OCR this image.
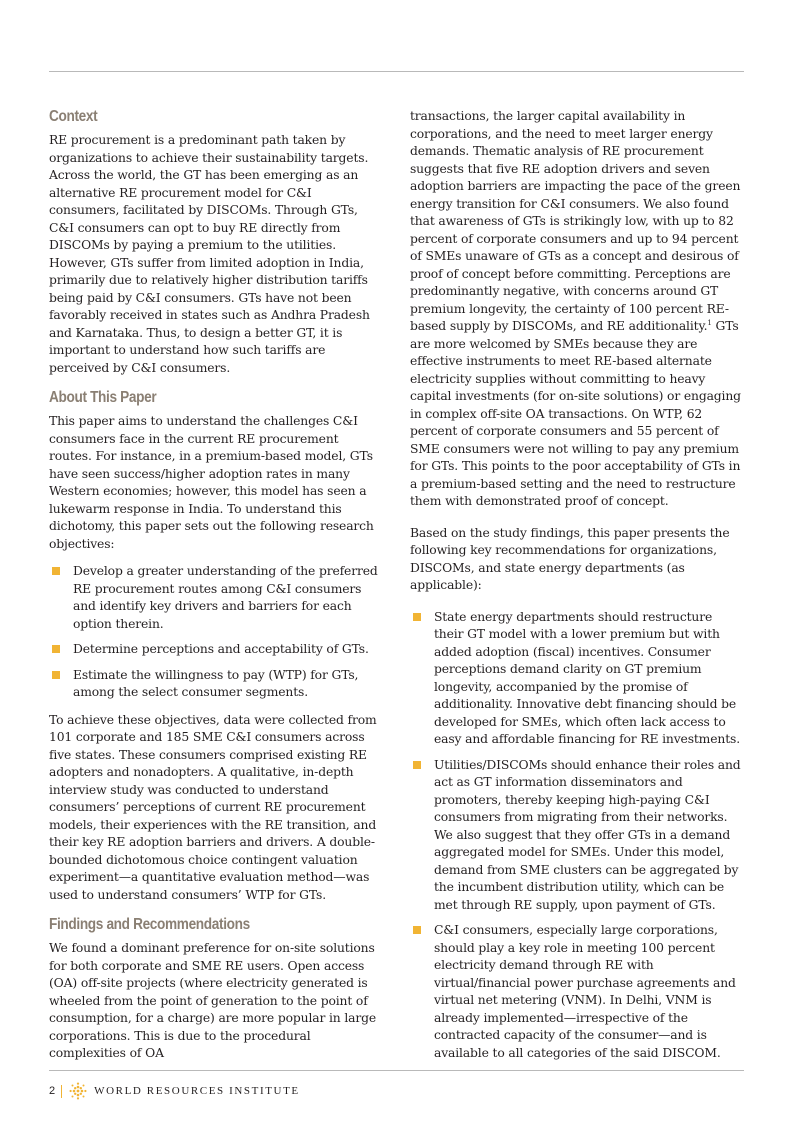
Context

RE procurement is a predominant path taken by organizations to achieve their sustainability targets. Across the world, the GT has been emerging as an alternative RE procurement model for C&I consumers, facilitated by DISCOMs. Through GTs, C&I consumers can opt to buy RE directly from DISCOMs by paying a premium to the utilities. However, GTs suffer from limited adoption in India, primarily due to relatively higher distribution tariffs being paid by C&I consumers. GTs have not been favorably received in states such as Andhra Pradesh and Karnataka. Thus, to design a better GT, it is important to understand how such tariffs are perceived by C&I consumers.

About This Paper

This paper aims to understand the challenges C&I consumers face in the current RE procurement routes. For instance, in a premium-based model, GTs have seen success/higher adoption rates in many Western economies; however, this model has seen a lukewarm response in India. To understand this dichotomy, this paper sets out the following research objectives:

Develop a greater understanding of the preferred RE procurement routes among C&I consumers and identify key drivers and barriers for each option therein.
Determine perceptions and acceptability of GTs.
Estimate the willingness to pay (WTP) for GTs, among the select consumer segments.

To achieve these objectives, data were collected from 101 corporate and 185 SME C&I consumers across five states. These consumers comprised existing RE adopters and nonadopters. A qualitative, in-depth interview study was conducted to understand consumers’ perceptions of current RE procurement models, their experiences with the RE transition, and their key RE adoption barriers and drivers. A double-bounded dichotomous choice contingent valuation experiment—a quantitative evaluation method—was used to understand consumers’ WTP for GTs.

Findings and Recommendations

We found a dominant preference for on-site solutions for both corporate and SME RE users. Open access (OA) off-site projects (where electricity generated is wheeled from the point of generation to the point of consumption, for a charge) are more popular in large corporations. This is due to the procedural complexities of OA

transactions, the larger capital availability in corporations, and the need to meet larger energy demands. Thematic analysis of RE procurement suggests that five RE adoption drivers and seven adoption barriers are impacting the pace of the green energy transition for C&I consumers. We also found that awareness of GTs is strikingly low, with up to 82 percent of corporate consumers and up to 94 percent of SMEs unaware of GTs as a concept and desirous of proof of concept before committing. Perceptions are predominantly negative, with concerns around GT premium longevity, the certainty of 100 percent RE-based supply by DISCOMs, and RE additionality.$^1$ GTs are more welcomed by SMEs because they are effective instruments to meet RE-based alternate electricity supplies without committing to heavy capital investments (for on-site solutions) or engaging in complex off-site OA transactions. On WTP, 62 percent of corporate consumers and 55 percent of SME consumers were not willing to pay any premium for GTs. This points to the poor acceptability of GTs in a premium-based setting and the need to restructure them with demonstrated proof of concept.

Based on the study findings, this paper presents the following key recommendations for organizations, DISCOMs, and state energy departments (as applicable):

State energy departments should restructure their GT model with a lower premium but with added adoption (fiscal) incentives. Consumer perceptions demand clarity on GT premium longevity, accompanied by the promise of additionality. Innovative debt financing should be developed for SMEs, which often lack access to easy and affordable financing for RE investments.
Utilities/DISCOMs should enhance their roles and act as GT information disseminators and promoters, thereby keeping high-paying C&I consumers from migrating from their networks. We also suggest that they offer GTs in a demand aggregated model for SMEs. Under this model, demand from SME clusters can be aggregated by the incumbent distribution utility, which can be met through RE supply, upon payment of GTs.
C&I consumers, especially large corporations, should play a key role in meeting 100 percent electricity demand through RE with virtual/financial power purchase agreements and virtual net metering (VNM). In Delhi, VNM is already implemented—irrespective of the contracted capacity of the consumer—and is available to all categories of the said DISCOM.
2	WORLD RESOURCES INSTITUTE
